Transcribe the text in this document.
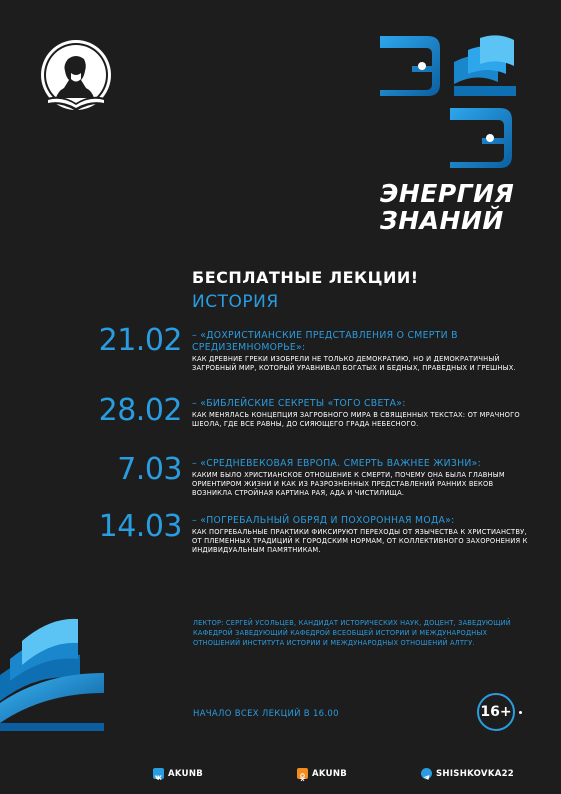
ЭНЕРГИЯ
ЗНАНИЙ
БЕСПЛАТНЫЕ ЛЕКЦИИ!
ИСТОРИЯ
21.02 – «ДОХРИСТИАНСКИЕ ПРЕДСТАВЛЕНИЯ О СМЕРТИ В СРЕДИЗЕМНОМОРЬЕ»:
КАК ДРЕВНИЕ ГРЕКИ ИЗОБРЕЛИ НЕ ТОЛЬКО ДЕМОКРАТИЮ, НО И ДЕМОКРАТИЧНЫЙ ЗАГРОБНЫЙ МИР, КОТОРЫЙ УРАВНИВАЛ БОГАТЫХ И БЕДНЫХ, ПРАВЕДНЫХ И ГРЕШНЫХ.
28.02 – «БИБЛЕЙСКИЕ СЕКРЕТЫ «ТОГО СВЕТА»:
КАК МЕНЯЛАСЬ КОНЦЕПЦИЯ ЗАГРОБНОГО МИРА В СВЯЩЕННЫХ ТЕКСТАХ: ОТ МРАЧНОГО ШЕОЛА, ГДЕ ВСЕ РАВНЫ, ДО СИЯЮЩЕГО ГРАДА НЕБЕСНОГО.
7.03 – «СРЕДНЕВЕКОВАЯ ЕВРОПА. СМЕРТЬ ВАЖНЕЕ ЖИЗНИ»:
КАКИМ БЫЛО ХРИСТИАНСКОЕ ОТНОШЕНИЕ К СМЕРТИ, ПОЧЕМУ ОНА БЫЛА ГЛАВНЫМ ОРИЕНТИРОМ ЖИЗНИ И КАК ИЗ РАЗРОЗНЕННЫХ ПРЕДСТАВЛЕНИЙ РАННИХ ВЕКОВ ВОЗНИКЛА СТРОЙНАЯ КАРТИНА РАЯ, АДА И ЧИСТИЛИЩА.
14.03 – «ПОГРЕБАЛЬНЫЙ ОБРЯД И ПОХОРОННАЯ МОДА»:
КАК ПОГРЕБАЛЬНЫЕ ПРАКТИКИ ФИКСИРУЮТ ПЕРЕХОДЫ ОТ ЯЗЫЧЕСТВА К ХРИСТИАНСТВУ, ОТ ПЛЕМЕННЫХ ТРАДИЦИЙ К ГОРОДСКИМ НОРМАМ, ОТ КОЛЛЕКТИВНОГО ЗАХОРОНЕНИЯ К ИНДИВИДУАЛЬНЫМ ПАМЯТНИКАМ.
ЛЕКТОР: СЕРГЕЙ УСОЛЬЦЕВ, КАНДИДАТ ИСТОРИЧЕСКИХ НАУК, ДОЦЕНТ, ЗАВЕДУЮЩИЙ КАФЕДРОЙ ЗАВЕДУЮЩИЙ КАФЕДРОЙ ВСЕОБЩЕЙ ИСТОРИИ И МЕЖДУНАРОДНЫХ ОТНОШЕНИЙ ИНСТИТУТА ИСТОРИИ И МЕЖДУНАРОДНЫХ ОТНОШЕНИЙ АЛТГУ.
НАЧАЛО ВСЕХ ЛЕКЦИЙ В 16.00	16+
AKUNB	AKUNB	SHISHKOVKA22
